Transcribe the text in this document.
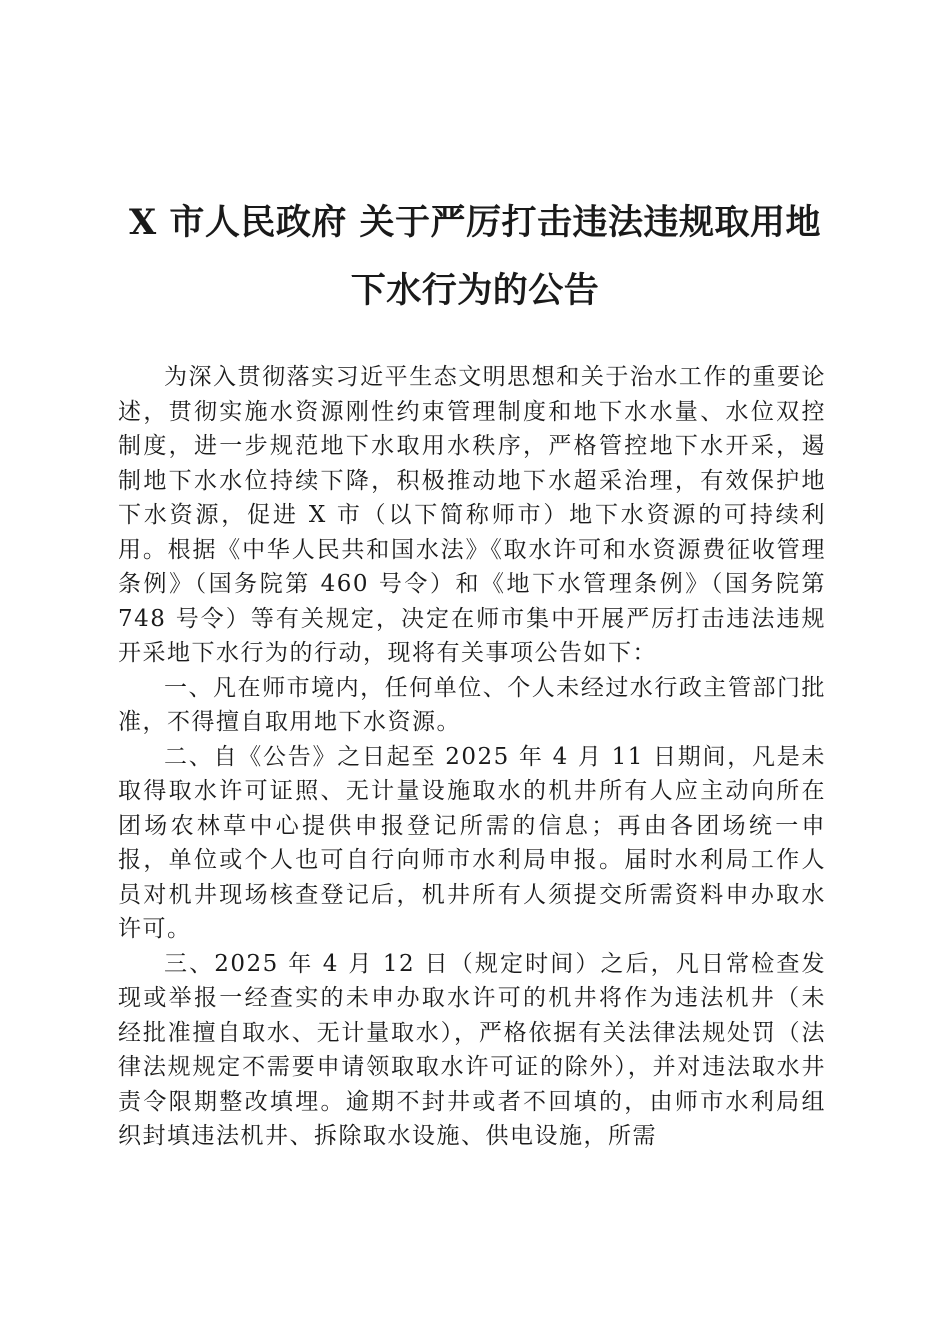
X 市人民政府 关于严厉打击违法违规取用地
下水行为的公告

为深入贯彻落实习近平生态文明思想和关于治水工作的重要论述，贯彻实施水资源刚性约束管理制度和地下水水量、水位双控制度，进一步规范地下水取用水秩序，严格管控地下水开采，遏制地下水水位持续下降，积极推动地下水超采治理，有效保护地下水资源，促进 X 市（以下简称师市）地下水资源的可持续利用。根据《中华人民共和国水法》《取水许可和水资源费征收管理条例》（国务院第 460 号令）和《地下水管理条例》（国务院第 748 号令）等有关规定，决定在师市集中开展严厉打击违法违规开采地下水行为的行动，现将有关事项公告如下：

一、凡在师市境内，任何单位、个人未经过水行政主管部门批准，不得擅自取用地下水资源。

二、自《公告》之日起至 2025 年 4 月 11 日期间，凡是未取得取水许可证照、无计量设施取水的机井所有人应主动向所在团场农林草中心提供申报登记所需的信息；再由各团场统一申报，单位或个人也可自行向师市水利局申报。届时水利局工作人员对机井现场核查登记后，机井所有人须提交所需资料申办取水许可。

三、2025 年 4 月 12 日（规定时间）之后，凡日常检查发现或举报一经查实的未申办取水许可的机井将作为违法机井（未经批准擅自取水、无计量取水），严格依据有关法律法规处罚（法律法规规定不需要申请领取取水许可证的除外），并对违法取水井责令限期整改填埋。逾期不封井或者不回填的，由师市水利局组织封填违法机井、拆除取水设施、供电设施，所需
